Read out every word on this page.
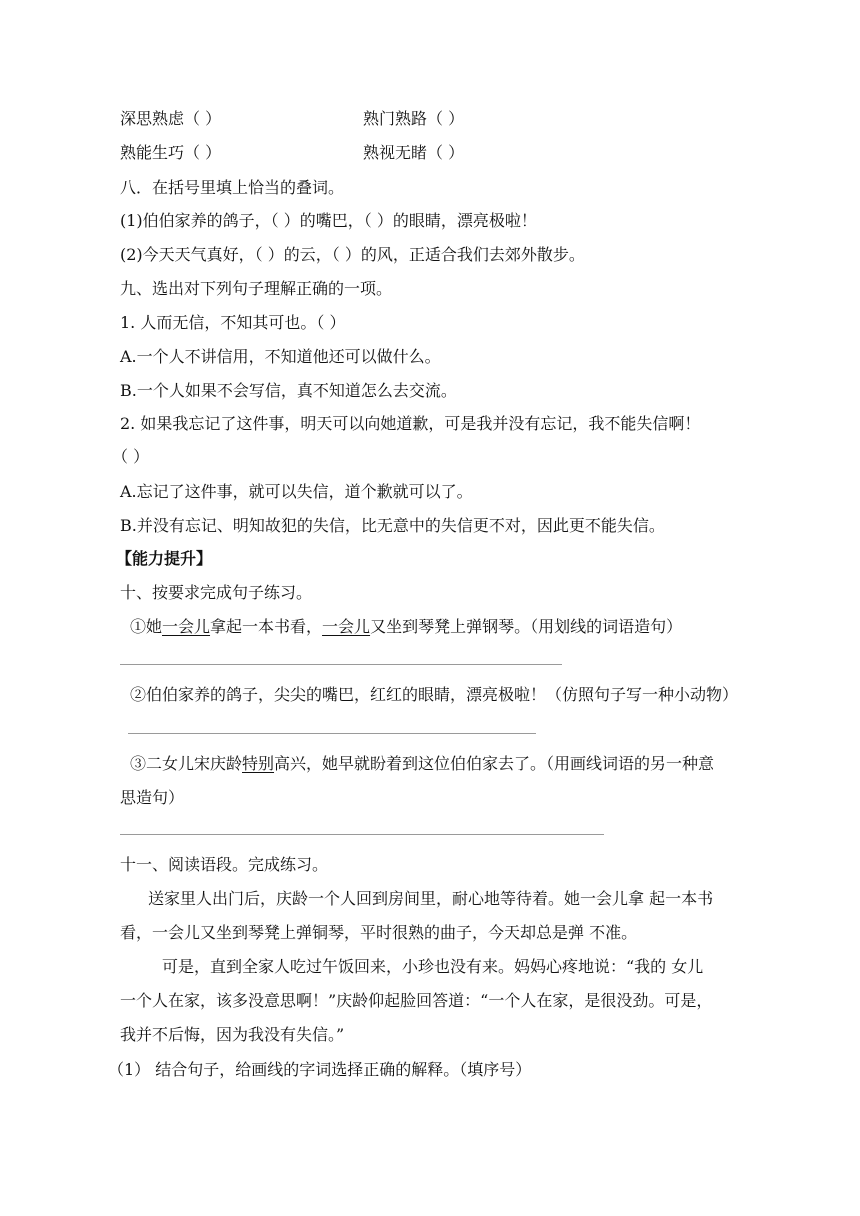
深思熟虑（ ）	熟门熟路（ ）
熟能生巧（ ）	熟视无睹（ ）
八．在括号里填上恰当的叠词。
(1)伯伯家养的鸽子，（ ）的嘴巴，（ ）的眼睛，漂亮极啦！
(2)今天天气真好，（ ）的云，（ ）的风，正适合我们去郊外散步。
九、选出对下列句子理解正确的一项。
1. 人而无信，不知其可也。（ ）
A.一个人不讲信用，不知道他还可以做什么。
B.一个人如果不会写信，真不知道怎么去交流。
2. 如果我忘记了这件事，明天可以向她道歉，可是我并没有忘记，我不能失信啊！
（ ）
A.忘记了这件事，就可以失信，道个歉就可以了。
B.并没有忘记、明知故犯的失信，比无意中的失信更不对，因此更不能失信。
【能力提升】
十、按要求完成句子练习。
①她一会儿拿起一本书看，一会儿又坐到琴凳上弹钢琴。（用划线的词语造句）
②伯伯家养的鸽子，尖尖的嘴巴，红红的眼睛，漂亮极啦！（仿照句子写一种小动物）
③二女儿宋庆龄特别高兴，她早就盼着到这位伯伯家去了。（用画线词语的另一种意
思造句）
十一、阅读语段。完成练习。
送家里人出门后，庆龄一个人回到房间里，耐心地等待着。她一会儿拿 起一本书
看，一会儿又坐到琴凳上弹铜琴，平时很熟的曲子，今天却总是弹 不准。
可是，直到全家人吃过午饭回来，小珍也没有来。妈妈心疼地说：“我的 女儿
一个人在家，该多没意思啊！”庆龄仰起脸回答道：“一个人在家，是很没劲。可是，
我并不后悔，因为我没有失信。”
（1） 结合句子，给画线的字词选择正确的解释。（填序号）
